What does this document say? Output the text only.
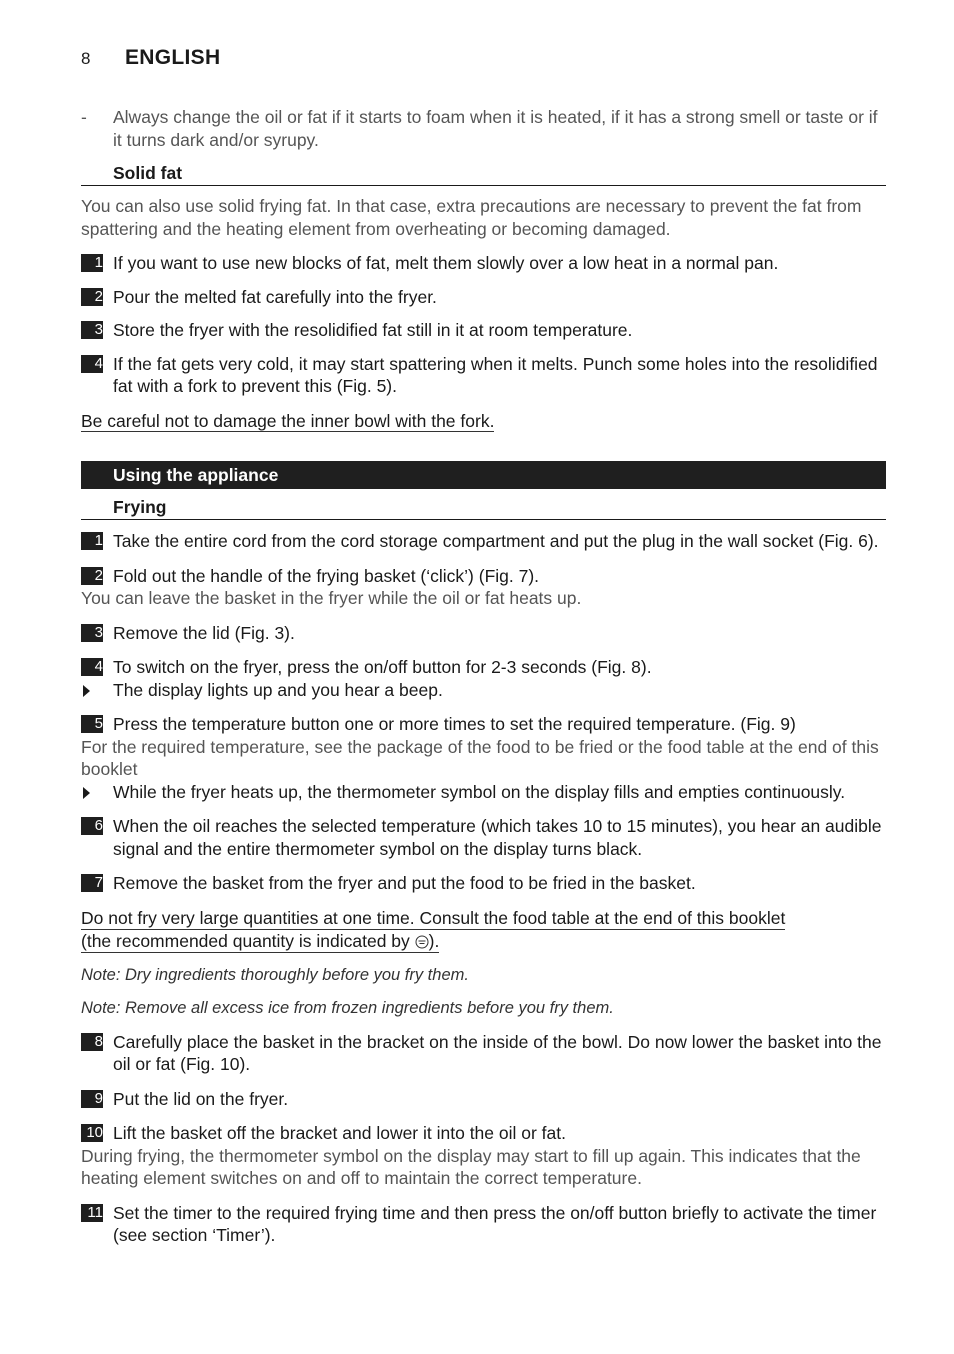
8	ENGLISH
- Always change the oil or fat if it starts to foam when it is heated, if it has a strong smell or taste or if it turns dark and/or syrupy.
Solid fat
You can also use solid frying fat. In that case, extra precautions are necessary to prevent the fat from spattering and the heating element from overheating or becoming damaged.
1 If you want to use new blocks of fat, melt them slowly over a low heat in a normal pan.
2 Pour the melted fat carefully into the fryer.
3 Store the fryer with the resolidified fat still in it at room temperature.
4 If the fat gets very cold, it may start spattering when it melts. Punch some holes into the resolidified fat with a fork to prevent this (Fig. 5).
Be careful not to damage the inner bowl with the fork.
Using the appliance
Frying
1 Take the entire cord from the cord storage compartment and put the plug in the wall socket (Fig. 6).
2 Fold out the handle of the frying basket (‘click’) (Fig. 7).
You can leave the basket in the fryer while the oil or fat heats up.
3 Remove the lid (Fig. 3).
4 To switch on the fryer, press the on/off button for 2-3 seconds (Fig. 8).
The display lights up and you hear a beep.
5 Press the temperature button one or more times to set the required temperature. (Fig. 9)
For the required temperature, see the package of the food to be fried or the food table at the end of this booklet
While the fryer heats up, the thermometer symbol on the display fills and empties continuously.
6 When the oil reaches the selected temperature (which takes 10 to 15 minutes), you hear an audible signal and the entire thermometer symbol on the display turns black.
7 Remove the basket from the fryer and put the food to be fried in the basket.
Do not fry very large quantities at one time. Consult the food table at the end of this booklet
(the recommended quantity is indicated by ).
Note: Dry ingredients thoroughly before you fry them.
Note: Remove all excess ice from frozen ingredients before you fry them.
8 Carefully place the basket in the bracket on the inside of the bowl. Do now lower the basket into the oil or fat (Fig. 10).
9 Put the lid on the fryer.
10 Lift the basket off the bracket and lower it into the oil or fat.
During frying, the thermometer symbol on the display may start to fill up again. This indicates that the heating element switches on and off to maintain the correct temperature.
11 Set the timer to the required frying time and then press the on/off button briefly to activate the timer (see section ‘Timer’).
